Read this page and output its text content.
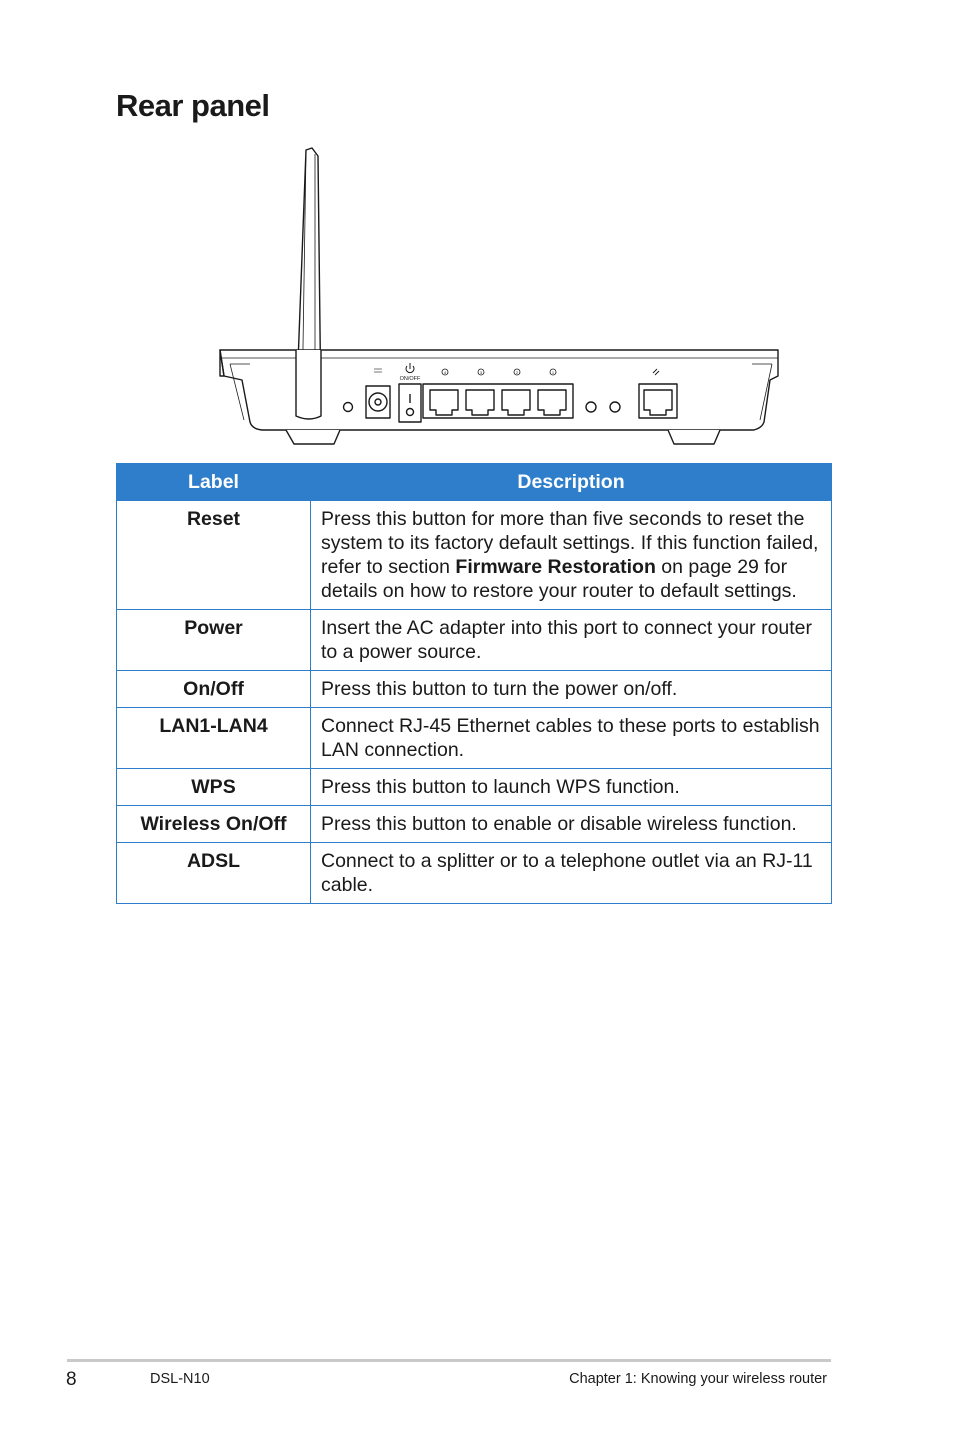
Rear panel
ON/OFF
4	3	2	1
Label	Description
Reset	Press this button for more than five seconds to reset the system to its factory default settings. If this function failed, refer to section Firmware Restoration on page 29 for details on how to restore your router to default settings.
Power	Insert the AC adapter into this port to connect your router to a power source.
On/Off	Press this button to turn the power on/off.
LAN1-LAN4	Connect RJ-45 Ethernet cables to these ports to establish LAN connection.
WPS	Press this button to launch WPS function.
Wireless On/Off	Press this button to enable or disable wireless function.
ADSL	Connect to a splitter or to a telephone outlet via an RJ-11 cable.
8	DSL-N10	Chapter 1: Knowing your wireless router
